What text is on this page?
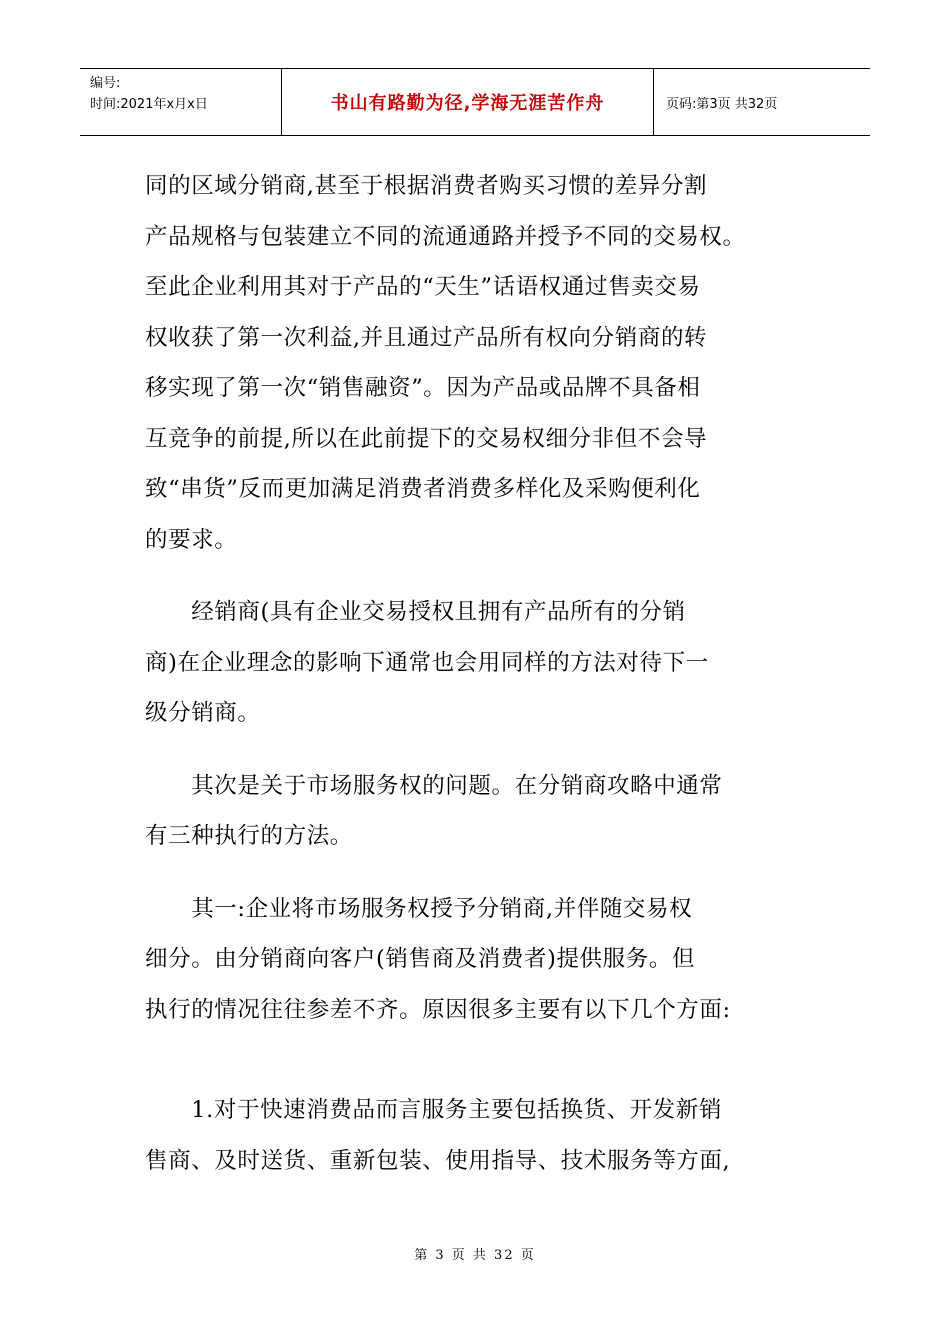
编号:
时间:2021年x月x日	书山有路勤为径,学海无涯苦作舟	页码:第3页 共32页

同的区域分销商,甚至于根据消费者购买习惯的差异分割

产品规格与包装建立不同的流通通路并授予不同的交易权。

至此企业利用其对于产品的“天生”话语权通过售卖交易

权收获了第一次利益,并且通过产品所有权向分销商的转

移实现了第一次“销售融资”。因为产品或品牌不具备相

互竞争的前提,所以在此前提下的交易权细分非但不会导

致“串货”反而更加满足消费者消费多样化及采购便利化

的要求。

　　经销商(具有企业交易授权且拥有产品所有的分销

商)在企业理念的影响下通常也会用同样的方法对待下一

级分销商。

　　其次是关于市场服务权的问题。在分销商攻略中通常

有三种执行的方法。

　　其一:企业将市场服务权授予分销商,并伴随交易权

细分。由分销商向客户(销售商及消费者)提供服务。但

执行的情况往往参差不齐。原因很多主要有以下几个方面:

　　1.对于快速消费品而言服务主要包括换货、开发新销

售商、及时送货、重新包装、使用指导、技术服务等方面,

第 3 页 共 32 页
